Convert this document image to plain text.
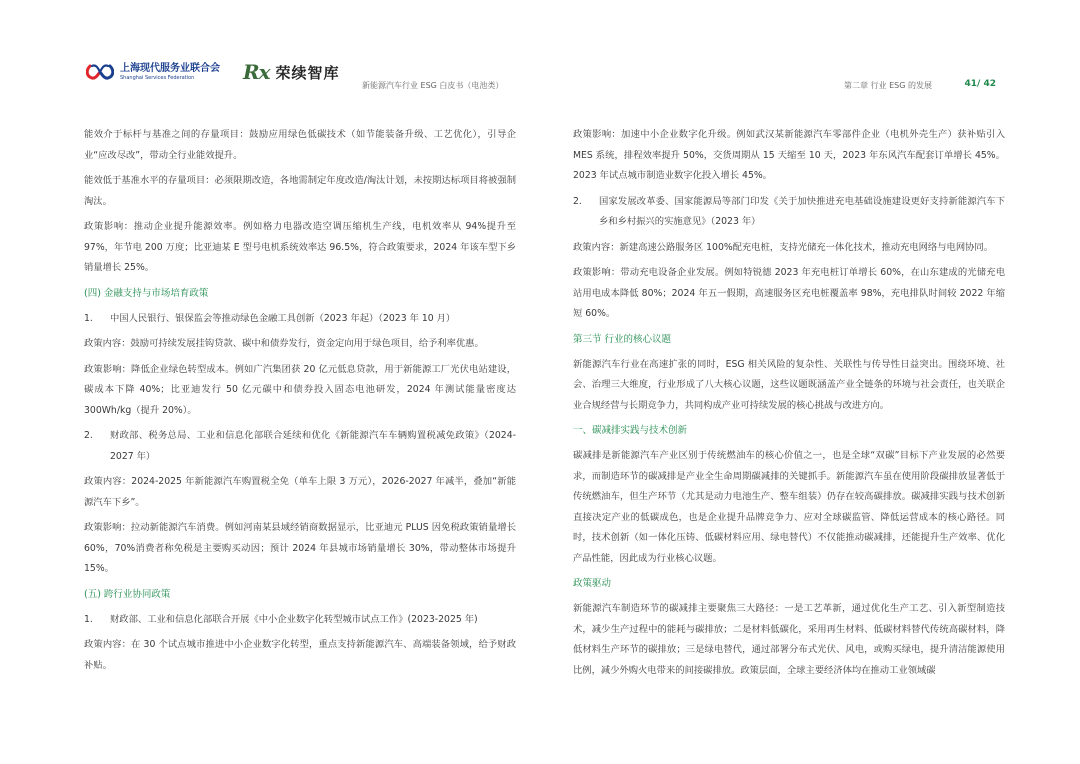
上海现代服务业联合会
Shanghai Services Federation	Rx 荣续智库
新能源汽车行业 ESG 白皮书（电池类）	第二章 行业 ESG 的发展	41/ 42

能效介于标杆与基准之间的存量项目：鼓励应用绿色低碳技术（如节能装备升级、工艺优化），引导企业“应改尽改”，带动全行业能效提升。

能效低于基准水平的存量项目：必须限期改造，各地需制定年度改造/淘汰计划，未按期达标项目将被强制淘汰。

政策影响：推动企业提升能源效率。例如格力电器改造空调压缩机生产线，电机效率从 94%提升至 97%，年节电 200 万度；比亚迪某 E 型号电机系统效率达 96.5%，符合政策要求，2024 年该车型下乡销量增长 25%。

(四) 金融支持与市场培育政策
1.	中国人民银行、银保监会等推动绿色金融工具创新（2023 年起）（2023 年 10 月）

政策内容：鼓励可持续发展挂钩贷款、碳中和债券发行，资金定向用于绿色项目，给予利率优惠。

政策影响：降低企业绿色转型成本。例如广汽集团获 20 亿元低息贷款，用于新能源工厂光伏电站建设，碳成本下降 40%；比亚迪发行 50 亿元碳中和债券投入固态电池研发，2024 年测试能量密度达 300Wh/kg（提升 20%）。

2.	财政部、税务总局、工业和信息化部联合延续和优化《新能源汽车车辆购置税减免政策》（2024-2027 年）

政策内容：2024-2025 年新能源汽车购置税全免（单车上限 3 万元），2026-2027 年减半，叠加“新能源汽车下乡”。

政策影响：拉动新能源汽车消费。例如河南某县域经销商数据显示，比亚迪元 PLUS 因免税政策销量增长 60%，70%消费者称免税是主要购买动因；预计 2024 年县城市场销量增长 30%，带动整体市场提升 15%。

(五) 跨行业协同政策
1.	财政部、工业和信息化部联合开展《中小企业数字化转型城市试点工作》(2023-2025 年)

政策内容：在 30 个试点城市推进中小企业数字化转型，重点支持新能源汽车、高端装备领域，给予财政补贴。

政策影响：加速中小企业数字化升级。例如武汉某新能源汽车零部件企业（电机外壳生产）获补贴引入 MES 系统，排程效率提升 50%，交货周期从 15 天缩至 10 天，2023 年东风汽车配套订单增长 45%。2023 年试点城市制造业数字化投入增长 45%。

2.	国家发展改革委、国家能源局等部门印发《关于加快推进充电基础设施建设更好支持新能源汽车下乡和乡村振兴的实施意见》（2023 年）

政策内容：新建高速公路服务区 100%配充电桩，支持光储充一体化技术，推动充电网络与电网协同。

政策影响：带动充电设备企业发展。例如特锐德 2023 年充电桩订单增长 60%，在山东建成的光储充电站用电成本降低 80%；2024 年五一假期，高速服务区充电桩覆盖率 98%，充电排队时间较 2022 年缩短 60%。

第三节 行业的核心议题

新能源汽车行业在高速扩张的同时，ESG 相关风险的复杂性、关联性与传导性日益突出。围绕环境、社会、治理三大维度，行业形成了八大核心议题，这些议题既涵盖产业全链条的环境与社会责任，也关联企业合规经营与长期竞争力，共同构成产业可持续发展的核心挑战与改进方向。

一、碳减排实践与技术创新

碳减排是新能源汽车产业区别于传统燃油车的核心价值之一，也是全球“双碳”目标下产业发展的必然要求，而制造环节的碳减排是产业全生命周期碳减排的关键抓手。新能源汽车虽在使用阶段碳排放显著低于传统燃油车，但生产环节（尤其是动力电池生产、整车组装）仍存在较高碳排放。碳减排实践与技术创新直接决定产业的低碳成色，也是企业提升品牌竞争力、应对全球碳监管、降低运营成本的核心路径。同时，技术创新（如一体化压铸、低碳材料应用、绿电替代）不仅能推动碳减排，还能提升生产效率、优化产品性能，因此成为行业核心议题。

政策驱动

新能源汽车制造环节的碳减排主要聚焦三大路径：一是工艺革新，通过优化生产工艺、引入新型制造技术，减少生产过程中的能耗与碳排放；二是材料低碳化，采用再生材料、低碳材料替代传统高碳材料，降低材料生产环节的碳排放；三是绿电替代，通过部署分布式光伏、风电，或购买绿电，提升清洁能源使用比例，减少外购火电带来的间接碳排放。政策层面，全球主要经济体均在推动工业领域碳
